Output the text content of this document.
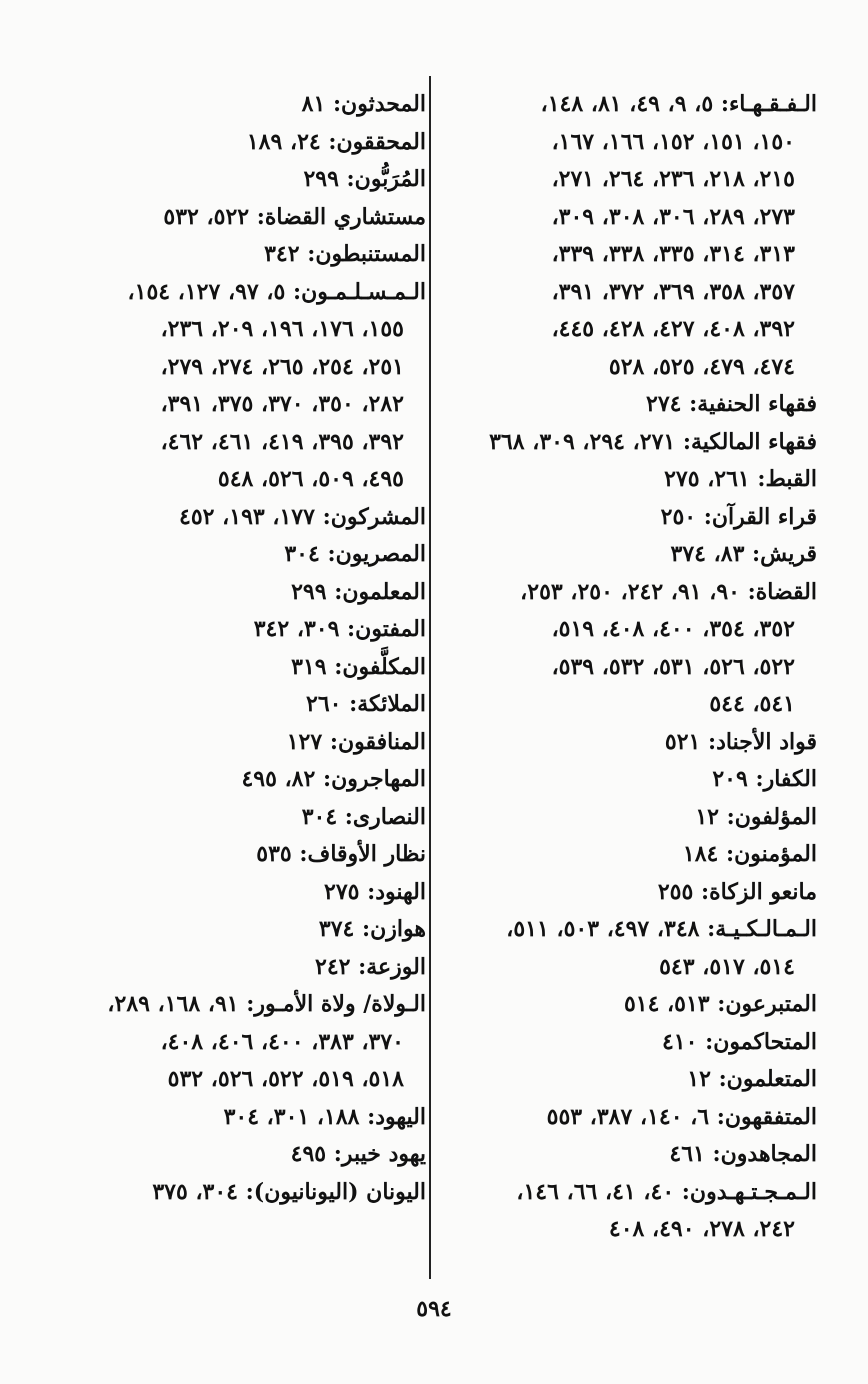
الـفـقـهـاء: ٥، ٩، ٤٩، ٨١، ١٤٨،
١٥٠، ١٥١، ١٥٢، ١٦٦، ١٦٧،
٢١٥، ٢١٨، ٢٣٦، ٢٦٤، ٢٧١،
٢٧٣، ٢٨٩، ٣٠٦، ٣٠٨، ٣٠٩،
٣١٣، ٣١٤، ٣٣٥، ٣٣٨، ٣٣٩،
٣٥٧، ٣٥٨، ٣٦٩، ٣٧٢، ٣٩١،
٣٩٢، ٤٠٨، ٤٢٧، ٤٢٨، ٤٤٥،
٤٧٤، ٤٧٩، ٥٢٥، ٥٢٨
فقهاء الحنفية: ٢٧٤
فقهاء المالكية: ٢٧١، ٢٩٤، ٣٠٩، ٣٦٨
القبط: ٢٦١، ٢٧٥
قراء القرآن: ٢٥٠
قريش: ٨٣، ٣٧٤
القضاة: ٩٠، ٩١، ٢٤٢، ٢٥٠، ٢٥٣،
٣٥٢، ٣٥٤، ٤٠٠، ٤٠٨، ٥١٩،
٥٢٢، ٥٢٦، ٥٣١، ٥٣٢، ٥٣٩،
٥٤١، ٥٤٤
قواد الأجناد: ٥٢١
الكفار: ٢٠٩
المؤلفون: ١٢
المؤمنون: ١٨٤
مانعو الزكاة: ٢٥٥
الـمـالـكـيـة: ٣٤٨، ٤٩٧، ٥٠٣، ٥١١،
٥١٤، ٥١٧، ٥٤٣
المتبرعون: ٥١٣، ٥١٤
المتحاكمون: ٤١٠
المتعلمون: ١٢
المتفقهون: ٦، ١٤٠، ٣٨٧، ٥٥٣
المجاهدون: ٤٦١
الـمـجـتـهـدون: ٤٠، ٤١، ٦٦، ١٤٦،
٢٤٢، ٢٧٨، ٤٩٠، ٤٠٨
المحدثون: ٨١
المحققون: ٢٤، ١٨٩
المُرَبُّون: ٢٩٩
مستشاري القضاة: ٥٢٢، ٥٣٢
المستنبطون: ٣٤٢
الـمـسـلـمـون: ٥، ٩٧، ١٢٧، ١٥٤،
١٥٥، ١٧٦، ١٩٦، ٢٠٩، ٢٣٦،
٢٥١، ٢٥٤، ٢٦٥، ٢٧٤، ٢٧٩،
٢٨٢، ٣٥٠، ٣٧٠، ٣٧٥، ٣٩١،
٣٩٢، ٣٩٥، ٤١٩، ٤٦١، ٤٦٢،
٤٩٥، ٥٠٩، ٥٢٦، ٥٤٨
المشركون: ١٧٧، ١٩٣، ٤٥٢
المصريون: ٣٠٤
المعلمون: ٢٩٩
المفتون: ٣٠٩، ٣٤٢
المكلَّفون: ٣١٩
الملائكة: ٢٦٠
المنافقون: ١٢٧
المهاجرون: ٨٢، ٤٩٥
النصارى: ٣٠٤
نظار الأوقاف: ٥٣٥
الهنود: ٢٧٥
هوازن: ٣٧٤
الوزعة: ٢٤٢
الـولاة/ ولاة الأمـور: ٩١، ١٦٨، ٢٨٩،
٣٧٠، ٣٨٣، ٤٠٠، ٤٠٦، ٤٠٨،
٥١٨، ٥١٩، ٥٢٢، ٥٢٦، ٥٣٢
اليهود: ١٨٨، ٣٠١، ٣٠٤
يهود خيبر: ٤٩٥
اليونان (اليونانيون): ٣٠٤، ٣٧٥
٥٩٤
